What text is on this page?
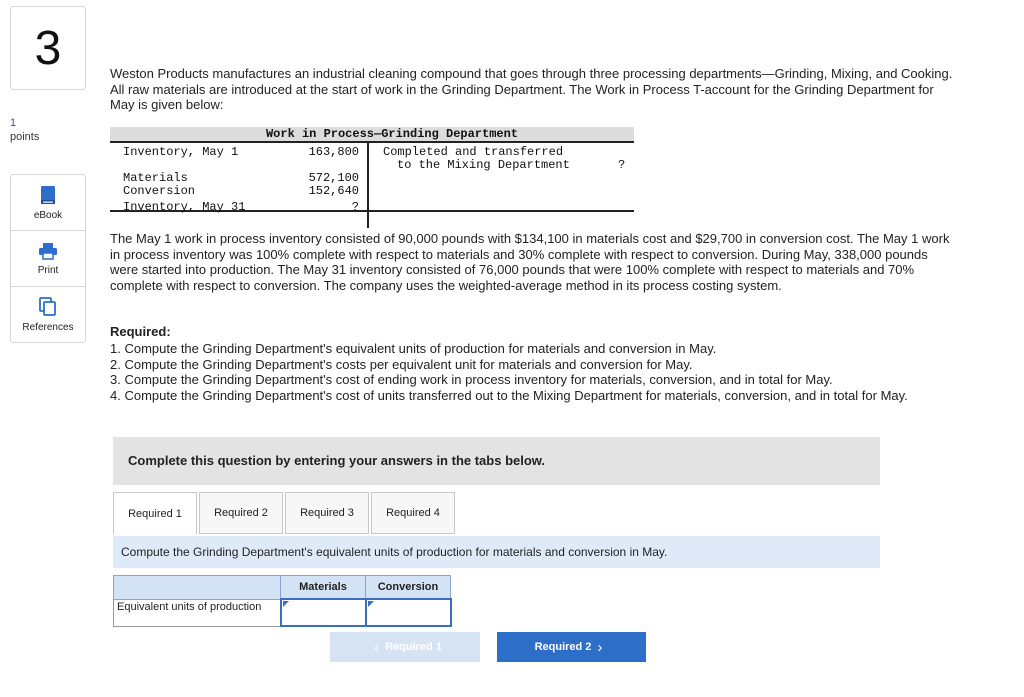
3
1
points
eBook
Print
References
Weston Products manufactures an industrial cleaning compound that goes through three processing departments—Grinding, Mixing, and Cooking. All raw materials are introduced at the start of work in the Grinding Department. The Work in Process T-account for the Grinding Department for May is given below:
Work in Process—Grinding Department
Inventory, May 1	163,800
Materials	572,100
Conversion	152,640
Inventory, May 31	?
Completed and transferred
to the Mixing Department	?
The May 1 work in process inventory consisted of 90,000 pounds with $134,100 in materials cost and $29,700 in conversion cost. The May 1 work in process inventory was 100% complete with respect to materials and 30% complete with respect to conversion. During May, 338,000 pounds were started into production. The May 31 inventory consisted of 76,000 pounds that were 100% complete with respect to materials and 70% complete with respect to conversion. The company uses the weighted-average method in its process costing system.
Required:
1. Compute the Grinding Department's equivalent units of production for materials and conversion in May.
2. Compute the Grinding Department's costs per equivalent unit for materials and conversion for May.
3. Compute the Grinding Department's cost of ending work in process inventory for materials, conversion, and in total for May.
4. Compute the Grinding Department's cost of units transferred out to the Mixing Department for materials, conversion, and in total for May.
Complete this question by entering your answers in the tabs below.
Required 1	Required 2	Required 3	Required 4
Compute the Grinding Department's equivalent units of production for materials and conversion in May.
	Materials	Conversion
Equivalent units of production	

‹ Required 1	Required 2 ›
